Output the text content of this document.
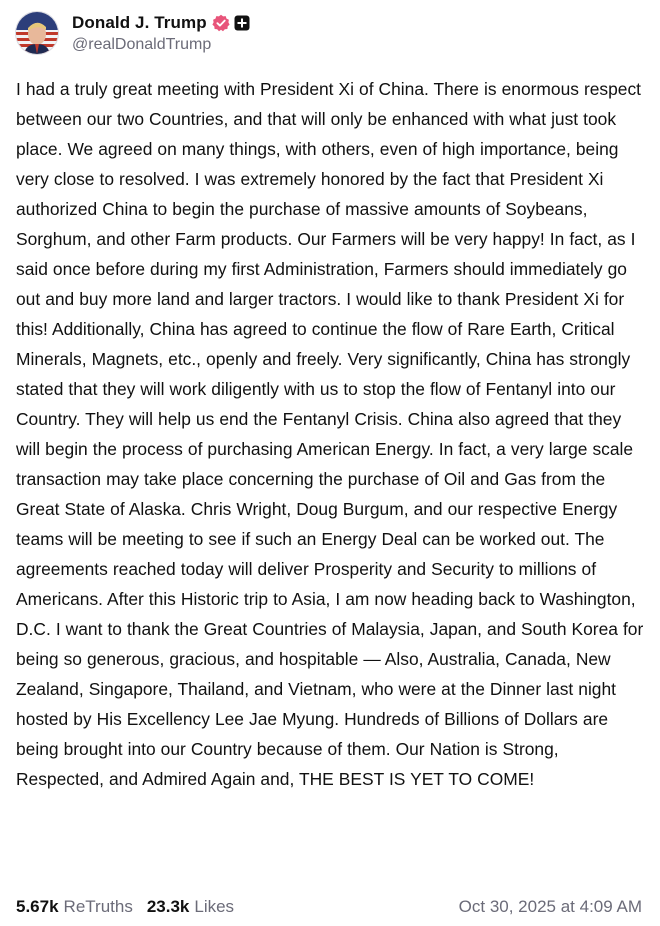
Donald J. Trump
@realDonaldTrump
I had a truly great meeting with President Xi of China. There is enormous respect between our two Countries, and that will only be enhanced with what just took place. We agreed on many things, with others, even of high importance, being very close to resolved. I was extremely honored by the fact that President Xi authorized China to begin the purchase of massive amounts of Soybeans, Sorghum, and other Farm products. Our Farmers will be very happy! In fact, as I said once before during my first Administration, Farmers should immediately go out and buy more land and larger tractors. I would like to thank President Xi for this! Additionally, China has agreed to continue the flow of Rare Earth, Critical Minerals, Magnets, etc., openly and freely. Very significantly, China has strongly stated that they will work diligently with us to stop the flow of Fentanyl into our Country. They will help us end the Fentanyl Crisis. China also agreed that they will begin the process of purchasing American Energy. In fact, a very large scale transaction may take place concerning the purchase of Oil and Gas from the Great State of Alaska. Chris Wright, Doug Burgum, and our respective Energy teams will be meeting to see if such an Energy Deal can be worked out. The agreements reached today will deliver Prosperity and Security to millions of Americans. After this Historic trip to Asia, I am now heading back to Washington, D.C. I want to thank the Great Countries of Malaysia, Japan, and South Korea for being so generous, gracious, and hospitable — Also, Australia, Canada, New Zealand, Singapore, Thailand, and Vietnam, who were at the Dinner last night hosted by His Excellency Lee Jae Myung. Hundreds of Billions of Dollars are being brought into our Country because of them. Our Nation is Strong, Respected, and Admired Again and, THE BEST IS YET TO COME!
5.67k ReTruths 23.3k Likes	Oct 30, 2025 at 4:09 AM
